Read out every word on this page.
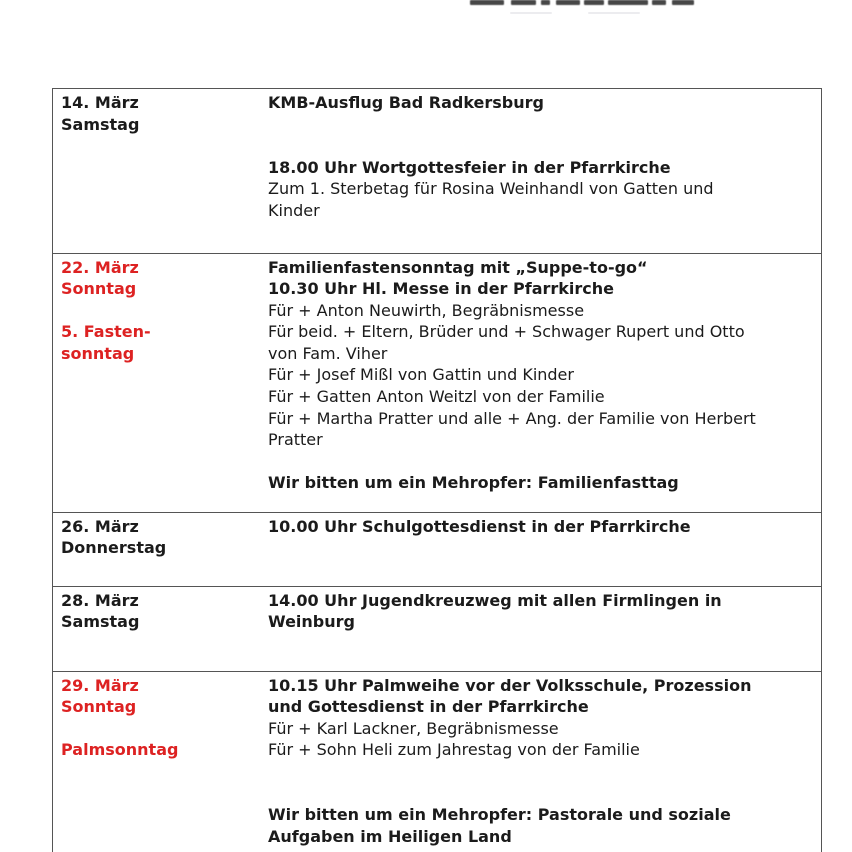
14. März
Samstag
KMB-Ausflug Bad Radkersburg
18.00 Uhr Wortgottesfeier in der Pfarrkirche
Zum 1. Sterbetag für Rosina Weinhandl von Gatten und
Kinder
22. März
Sonntag
5. Fasten-
sonntag
Familienfastensonntag mit „Suppe-to-go“
10.30 Uhr Hl. Messe in der Pfarrkirche
Für + Anton Neuwirth, Begräbnismesse
Für beid. + Eltern, Brüder und + Schwager Rupert und Otto
von Fam. Viher
Für + Josef Mißl von Gattin und Kinder
Für + Gatten Anton Weitzl von der Familie
Für + Martha Pratter und alle + Ang. der Familie von Herbert
Pratter
Wir bitten um ein Mehropfer: Familienfasttag
26. März
Donnerstag
10.00 Uhr Schulgottesdienst in der Pfarrkirche
28. März
Samstag
14.00 Uhr Jugendkreuzweg mit allen Firmlingen in
Weinburg
29. März
Sonntag
Palmsonntag
10.15 Uhr Palmweihe vor der Volksschule, Prozession
und Gottesdienst in der Pfarrkirche
Für + Karl Lackner, Begräbnismesse
Für + Sohn Heli zum Jahrestag von der Familie
Wir bitten um ein Mehropfer: Pastorale und soziale
Aufgaben im Heiligen Land
